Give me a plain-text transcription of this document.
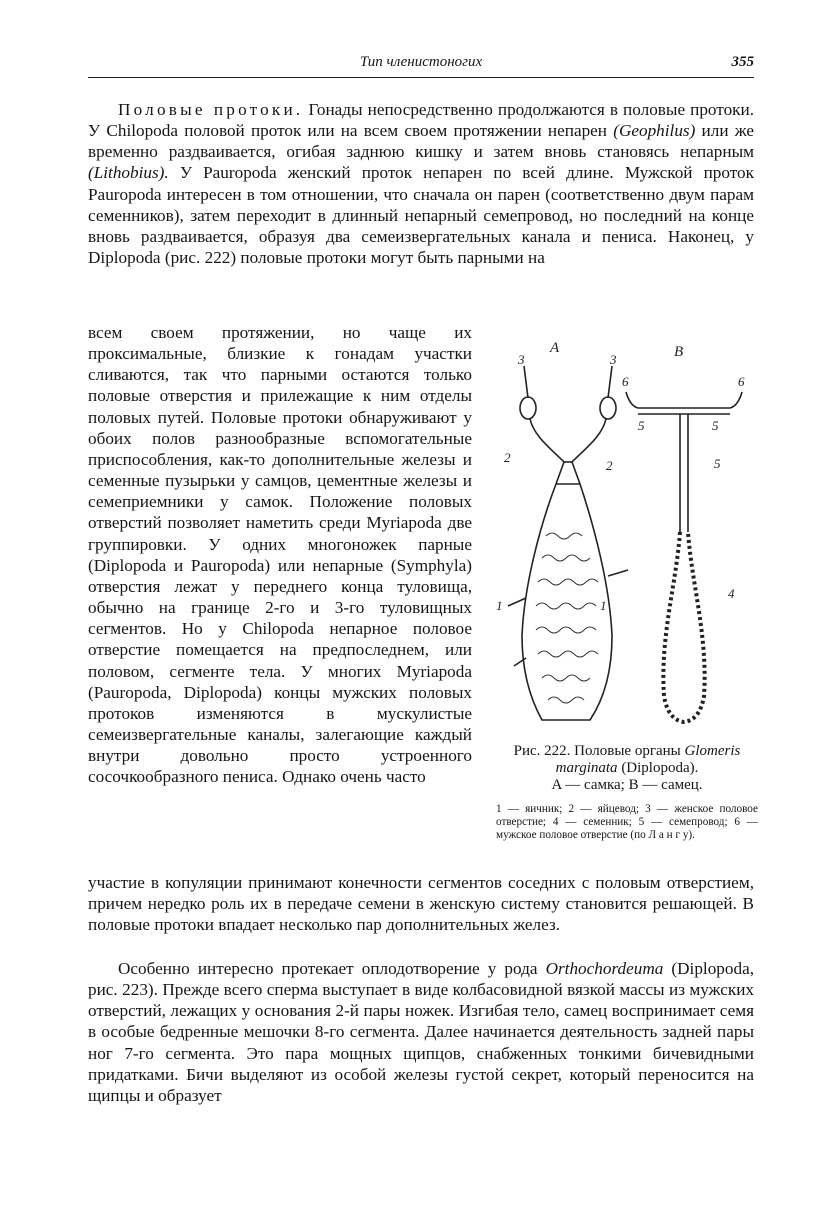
Тип членистоногих	355

Половые протоки. Гонады непосредственно продолжаются в половые протоки. У Chilopoda половой проток или на всем своем протяжении непарен (Geophilus) или же временно раздваивается, огибая заднюю кишку и затем вновь становясь непарным (Lithobius). У Pauropoda женский проток непарен по всей длине. Мужской проток Pauropoda интересен в том отношении, что сначала он парен (соответственно двум парам семенников), затем переходит в длинный непарный семепровод, но последний на конце вновь раздваивается, образуя два семеизвергательных канала и пениса. Наконец, у Diplopoda (рис. 222) половые протоки могут быть парными на

всем своем протяжении, но чаще их проксимальные, близкие к гонадам участки сливаются, так что парными остаются только половые отверстия и прилежащие к ним отделы половых путей. Половые протоки обнаруживают у обоих полов разнообразные вспомогательные приспособления, как-то дополнительные железы и семенные пузырьки у самцов, цементные железы и семеприемники у самок. Положение половых отверстий позволяет наметить среди Myriapoda две группировки. У одних многоножек парные (Diplopoda и Pauropoda) или непарные (Symphyla) отверстия лежат у переднего конца туловища, обычно на границе 2-го и 3-го туловищных сегментов. Но у Chilopoda непарное половое отверстие помещается на предпоследнем, или половом, сегменте тела. У многих Myriapoda (Pauropoda, Diplopoda) концы мужских половых протоков изменяются в мускулистые семеизвергательные каналы, залегающие каждый внутри довольно просто устроенного сосочкообразного пениса. Однако очень часто
A	B
3	3
2
2
1	1
6	6
5	5
5
4
Рис. 222. Половые органы Glomeris marginata (Diplopoda).
A — самка; B — самец.
1 — яичник; 2 — яйцевод; 3 — женское половое отверстие; 4 — семенник; 5 — семепровод; 6 — мужское половое отверстие (по Л а н г у).
участие в копуляции принимают конечности сегментов соседних с половым отверстием, причем нередко роль их в передаче семени в женскую систему становится решающей. В половые протоки впадает несколько пар дополнительных желез.

Особенно интересно протекает оплодотворение у рода Orthochordeuma (Diplopoda, рис. 223). Прежде всего сперма выступает в виде колбасовидной вязкой массы из мужских отверстий, лежащих у основания 2-й пары ножек. Изгибая тело, самец воспринимает семя в особые бедренные мешочки 8-го сегмента. Далее начинается деятельность задней пары ног 7-го сегмента. Это пара мощных щипцов, снабженных тонкими бичевидными придатками. Бичи выделяют из особой железы густой секрет, который переносится на щипцы и образует
